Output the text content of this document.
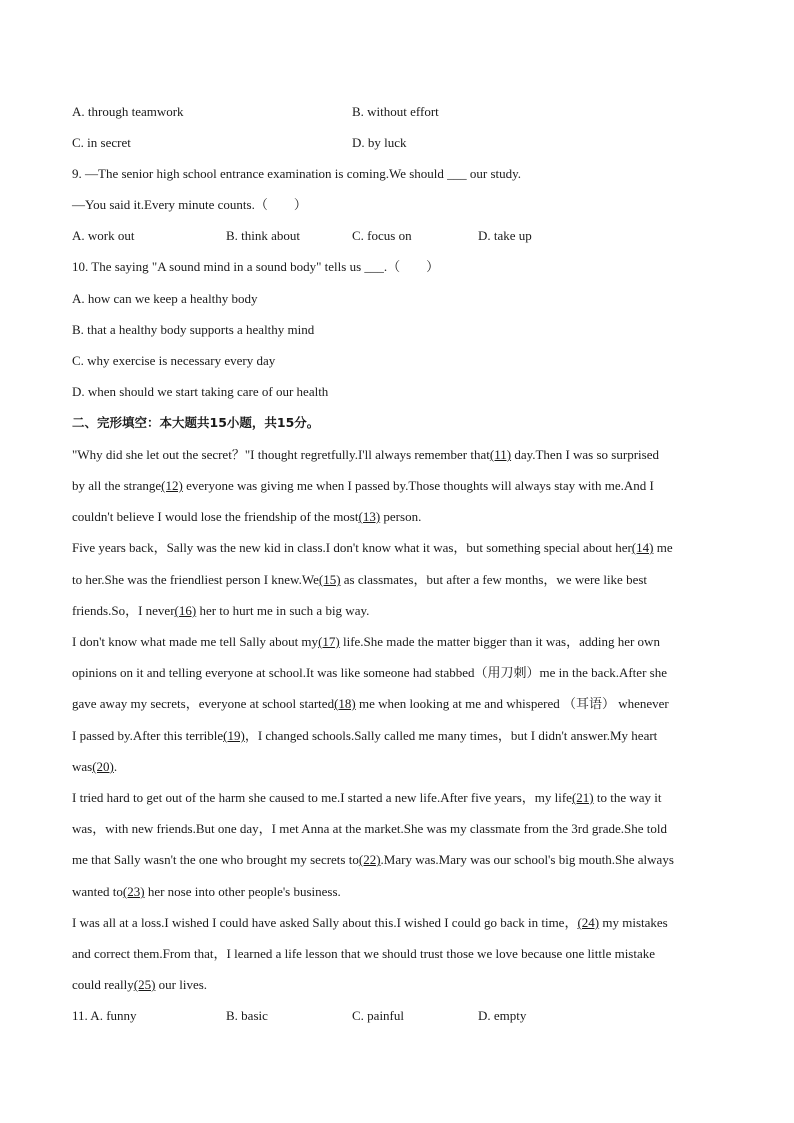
A. through teamwork	B. without effort
C. in secret	D. by luck
9. —The senior high school entrance examination is coming.We should ___ our study.
—You said it.Every minute counts.（　　）
A. work out	B. think about	C. focus on	D. take up
10. The saying "A sound mind in a sound body" tells us ___.（　　）
A. how can we keep a healthy body
B. that a healthy body supports a healthy mind
C. why exercise is necessary every day
D. when should we start taking care of our health
二、完形填空：本大题共15小题，共15分。
"Why did she let out the secret？"I thought regretfully.I'll always remember that(11) day.Then I was so surprised
by all the strange(12) everyone was giving me when I passed by.Those thoughts will always stay with me.And I
couldn't believe I would lose the friendship of the most(13) person.
Five years back，Sally was the new kid in class.I don't know what it was，but something special about her(14) me
to her.She was the friendliest person I knew.We(15) as classmates，but after a few months，we were like best
friends.So，I never(16) her to hurt me in such a big way.
I don't know what made me tell Sally about my(17) life.She made the matter bigger than it was，adding her own
opinions on it and telling everyone at school.It was like someone had stabbed（用刀刺）me in the back.After she
gave away my secrets，everyone at school started(18) me when looking at me and whispered （耳语） whenever
I passed by.After this terrible(19)，I changed schools.Sally called me many times，but I didn't answer.My heart
was(20).
I tried hard to get out of the harm she caused to me.I started a new life.After five years，my life(21) to the way it
was，with new friends.But one day，I met Anna at the market.She was my classmate from the 3rd grade.She told
me that Sally wasn't the one who brought my secrets to(22).Mary was.Mary was our school's big mouth.She always
wanted to(23) her nose into other people's business.
I was all at a loss.I wished I could have asked Sally about this.I wished I could go back in time，(24) my mistakes
and correct them.From that，I learned a life lesson that we should trust those we love because one little mistake
could really(25) our lives.
11. A. funny	B. basic	C. painful	D. empty
